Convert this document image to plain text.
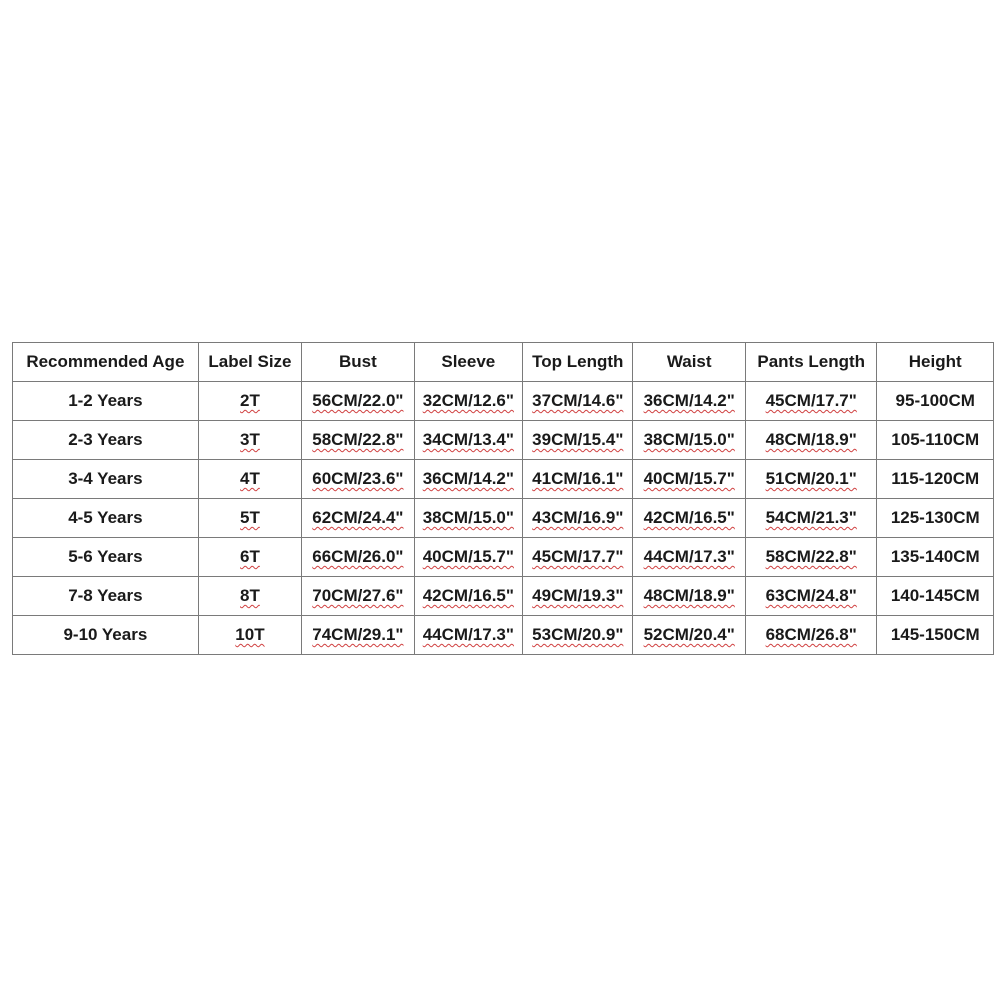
Recommended Age	Label Size	Bust	Sleeve	Top Length	Waist	Pants Length	Height
1-2 Years	2T	56CM/22.0"	32CM/12.6"	37CM/14.6"	36CM/14.2"	45CM/17.7"	95-100CM
2-3 Years	3T	58CM/22.8"	34CM/13.4"	39CM/15.4"	38CM/15.0"	48CM/18.9"	105-110CM
3-4 Years	4T	60CM/23.6"	36CM/14.2"	41CM/16.1"	40CM/15.7"	51CM/20.1"	115-120CM
4-5 Years	5T	62CM/24.4"	38CM/15.0"	43CM/16.9"	42CM/16.5"	54CM/21.3"	125-130CM
5-6 Years	6T	66CM/26.0"	40CM/15.7"	45CM/17.7"	44CM/17.3"	58CM/22.8"	135-140CM
7-8 Years	8T	70CM/27.6"	42CM/16.5"	49CM/19.3"	48CM/18.9"	63CM/24.8"	140-145CM
9-10 Years	10T	74CM/29.1"	44CM/17.3"	53CM/20.9"	52CM/20.4"	68CM/26.8"	145-150CM
